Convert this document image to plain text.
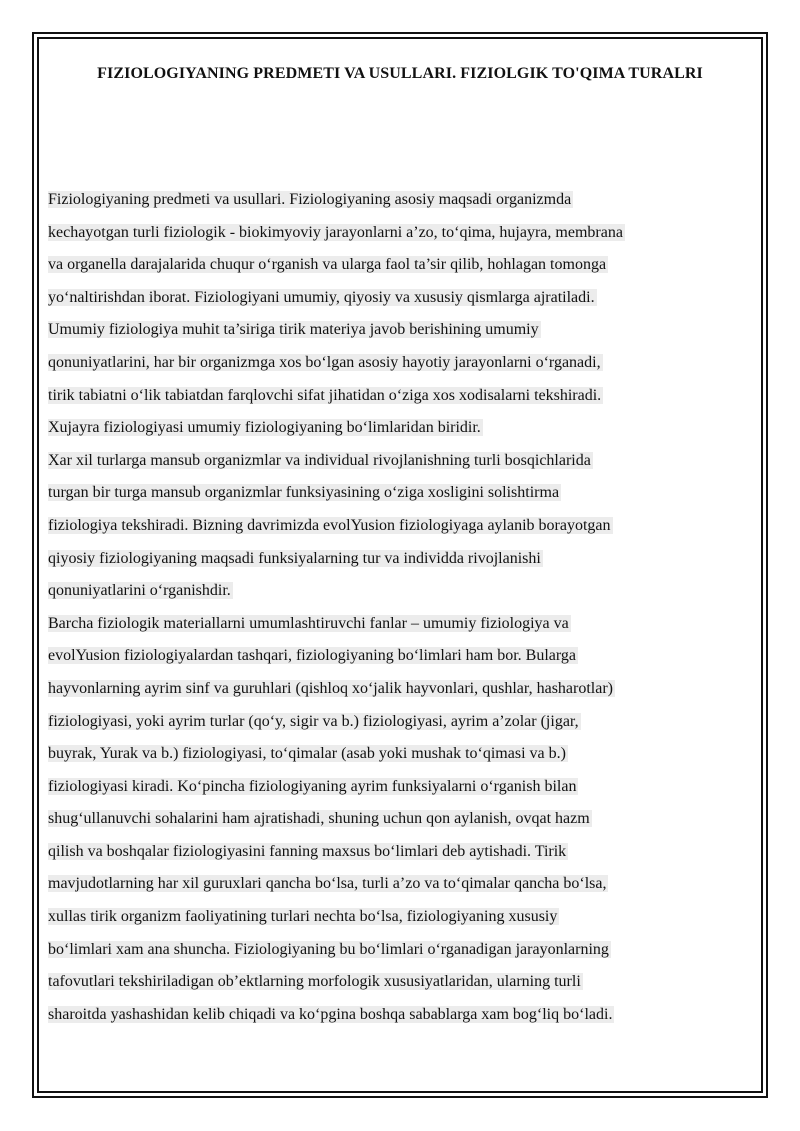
FIZIOLOGIYANING PREDMETI VA USULLARI. FIZIOLGIK TO'QIMA TURALRI
Fiziologiyaning predmeti va usullari. Fiziologiyaning asosiy maqsadi organizmda
kechayotgan turli fiziologik - biokimyoviy jarayonlarni a’zo, to‘qima, hujayra, membrana
va organella darajalarida chuqur o‘rganish va ularga faol ta’sir qilib, hohlagan tomonga
yo‘naltirishdan iborat. Fiziologiyani umumiy, qiyosiy va xususiy qismlarga ajratiladi.
Umumiy fiziologiya muhit ta’siriga tirik materiya javob berishining umumiy
qonuniyatlarini, har bir organizmga xos bo‘lgan asosiy hayotiy jarayonlarni o‘rganadi,
tirik tabiatni o‘lik tabiatdan farqlovchi sifat jihatidan o‘ziga xos xodisalarni tekshiradi.
Xujayra fiziologiyasi umumiy fiziologiyaning bo‘limlaridan biridir.
Xar xil turlarga mansub organizmlar va individual rivojlanishning turli bosqichlarida
turgan bir turga mansub organizmlar funksiyasining o‘ziga xosligini solishtirma
fiziologiya tekshiradi. Bizning davrimizda evolYusion fiziologiyaga aylanib borayotgan
qiyosiy fiziologiyaning maqsadi funksiyalarning tur va individda rivojlanishi
qonuniyatlarini o‘rganishdir.
Barcha fiziologik materiallarni umumlashtiruvchi fanlar – umumiy fiziologiya va
evolYusion fiziologiyalardan tashqari, fiziologiyaning bo‘limlari ham bor. Bularga
hayvonlarning ayrim sinf va guruhlari (qishloq xo‘jalik hayvonlari, qushlar, hasharotlar)
fiziologiyasi, yoki ayrim turlar (qo‘y, sigir va b.) fiziologiyasi, ayrim a’zolar (jigar,
buyrak, Yurak va b.) fiziologiyasi, to‘qimalar (asab yoki mushak to‘qimasi va b.)
fiziologiyasi kiradi. Ko‘pincha fiziologiyaning ayrim funksiyalarni o‘rganish bilan
shug‘ullanuvchi sohalarini ham ajratishadi, shuning uchun qon aylanish, ovqat hazm
qilish va boshqalar fiziologiyasini fanning maxsus bo‘limlari deb aytishadi. Tirik
mavjudotlarning har xil guruxlari qancha bo‘lsa, turli a’zo va to‘qimalar qancha bo‘lsa,
xullas tirik organizm faoliyatining turlari nechta bo‘lsa, fiziologiyaning xususiy
bo‘limlari xam ana shuncha. Fiziologiyaning bu bo‘limlari o‘rganadigan jarayonlarning
tafovutlari tekshiriladigan ob’ektlarning morfologik xususiyatlaridan, ularning turli
sharoitda yashashidan kelib chiqadi va ko‘pgina boshqa sabablarga xam bog‘liq bo‘ladi.
